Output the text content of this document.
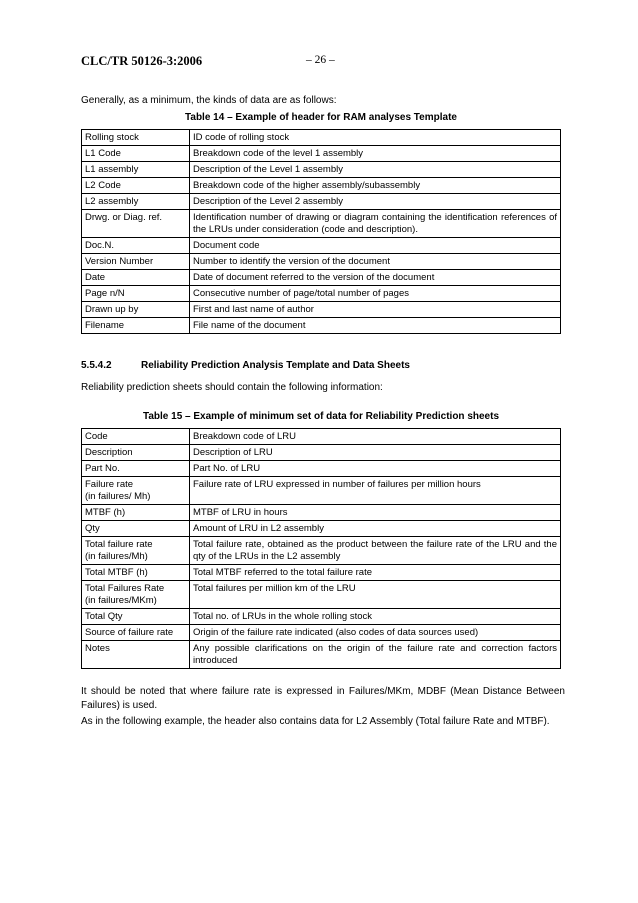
CLC/TR 50126-3:2006	– 26 –
Generally, as a minimum, the kinds of data are as follows:
Table 14 – Example of header for RAM analyses Template
Rolling stock	ID code of rolling stock
L1 Code	Breakdown code of the level 1 assembly
L1 assembly	Description of the Level 1 assembly
L2 Code	Breakdown code of the higher assembly/subassembly
L2 assembly	Description of the Level 2 assembly
Drwg. or Diag. ref.	Identification number of drawing or diagram containing the identification references of the LRUs under consideration (code and description).
Doc.N.	Document code
Version Number	Number to identify the version of the document
Date	Date of document referred to the version of the document
Page n/N	Consecutive number of page/total number of pages
Drawn up by	First and last name of author
Filename	File name of the document
5.5.4.2	Reliability Prediction Analysis Template and Data Sheets
Reliability prediction sheets should contain the following information:
Table 15 – Example of minimum set of data for Reliability Prediction sheets
Code	Breakdown code of LRU

Description	Description of LRU

Part No.	Part No. of LRU

Failure rate
(in failures/ Mh)	Failure rate of LRU expressed in number of failures per million hours

MTBF (h)	MTBF of LRU in hours

Qty	Amount of LRU in L2 assembly

Total failure rate
(in failures/Mh)	Total failure rate, obtained as the product between the failure rate of the LRU and the qty of the LRUs in the L2 assembly

Total MTBF (h)	Total MTBF referred to the total failure rate

Total Failures Rate
(in failures/MKm)	Total failures per million km of the LRU

Total Qty	Total no. of LRUs in the whole rolling stock

Source of failure rate	Origin of the failure rate indicated (also codes of data sources used)

Notes	Any possible clarifications on the origin of the failure rate and correction factors introduced
It should be noted that where failure rate is expressed in Failures/MKm, MDBF (Mean Distance Between Failures) is used.
As in the following example, the header also contains data for L2 Assembly (Total failure Rate and MTBF).
